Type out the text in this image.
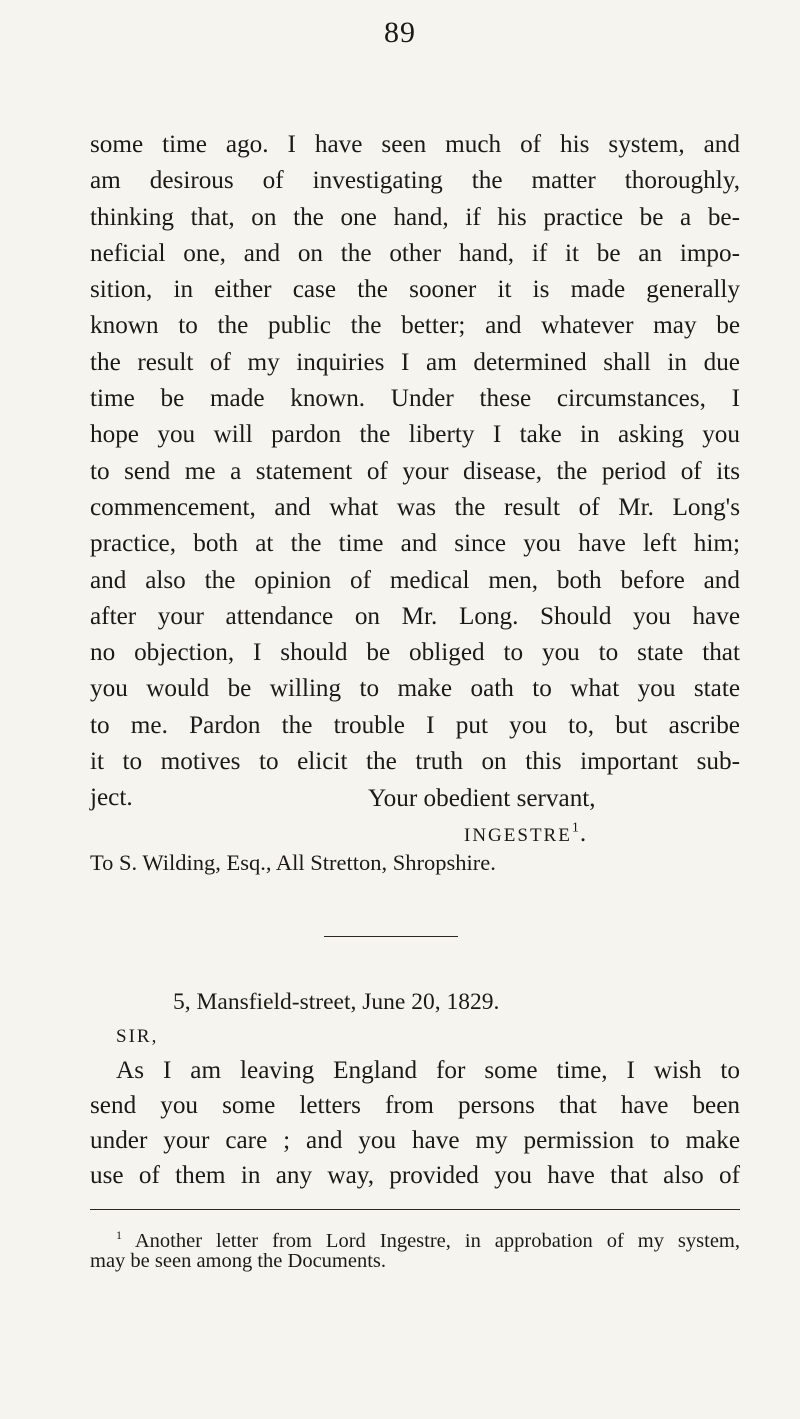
89
some time ago. I have seen much of his system, and
am desirous of investigating the matter thoroughly,
thinking that, on the one hand, if his practice be a be-
neficial one, and on the other hand, if it be an impo-
sition, in either case the sooner it is made generally
known to the public the better; and whatever may be
the result of my inquiries I am determined shall in due
time be made known. Under these circumstances, I
hope you will pardon the liberty I take in asking you
to send me a statement of your disease, the period of its
commencement, and what was the result of Mr. Long's
practice, both at the time and since you have left him;
and also the opinion of medical men, both before and
after your attendance on Mr. Long. Should you have
no objection, I should be obliged to you to state that
you would be willing to make oath to what you state
to me. Pardon the trouble I put you to, but ascribe
it to motives to elicit the truth on this important sub-
ject.	Your obedient servant,
INGESTRE$^1$.
To S. Wilding, Esq., All Stretton, Shropshire.
5, Mansfield-street, June 20, 1829.
SIR,
As I am leaving England for some time, I wish to
send you some letters from persons that have been
under your care ; and you have my permission to make
use of them in any way, provided you have that also of
$^1$ Another letter from Lord Ingestre, in approbation of my system,
may be seen among the Documents.
